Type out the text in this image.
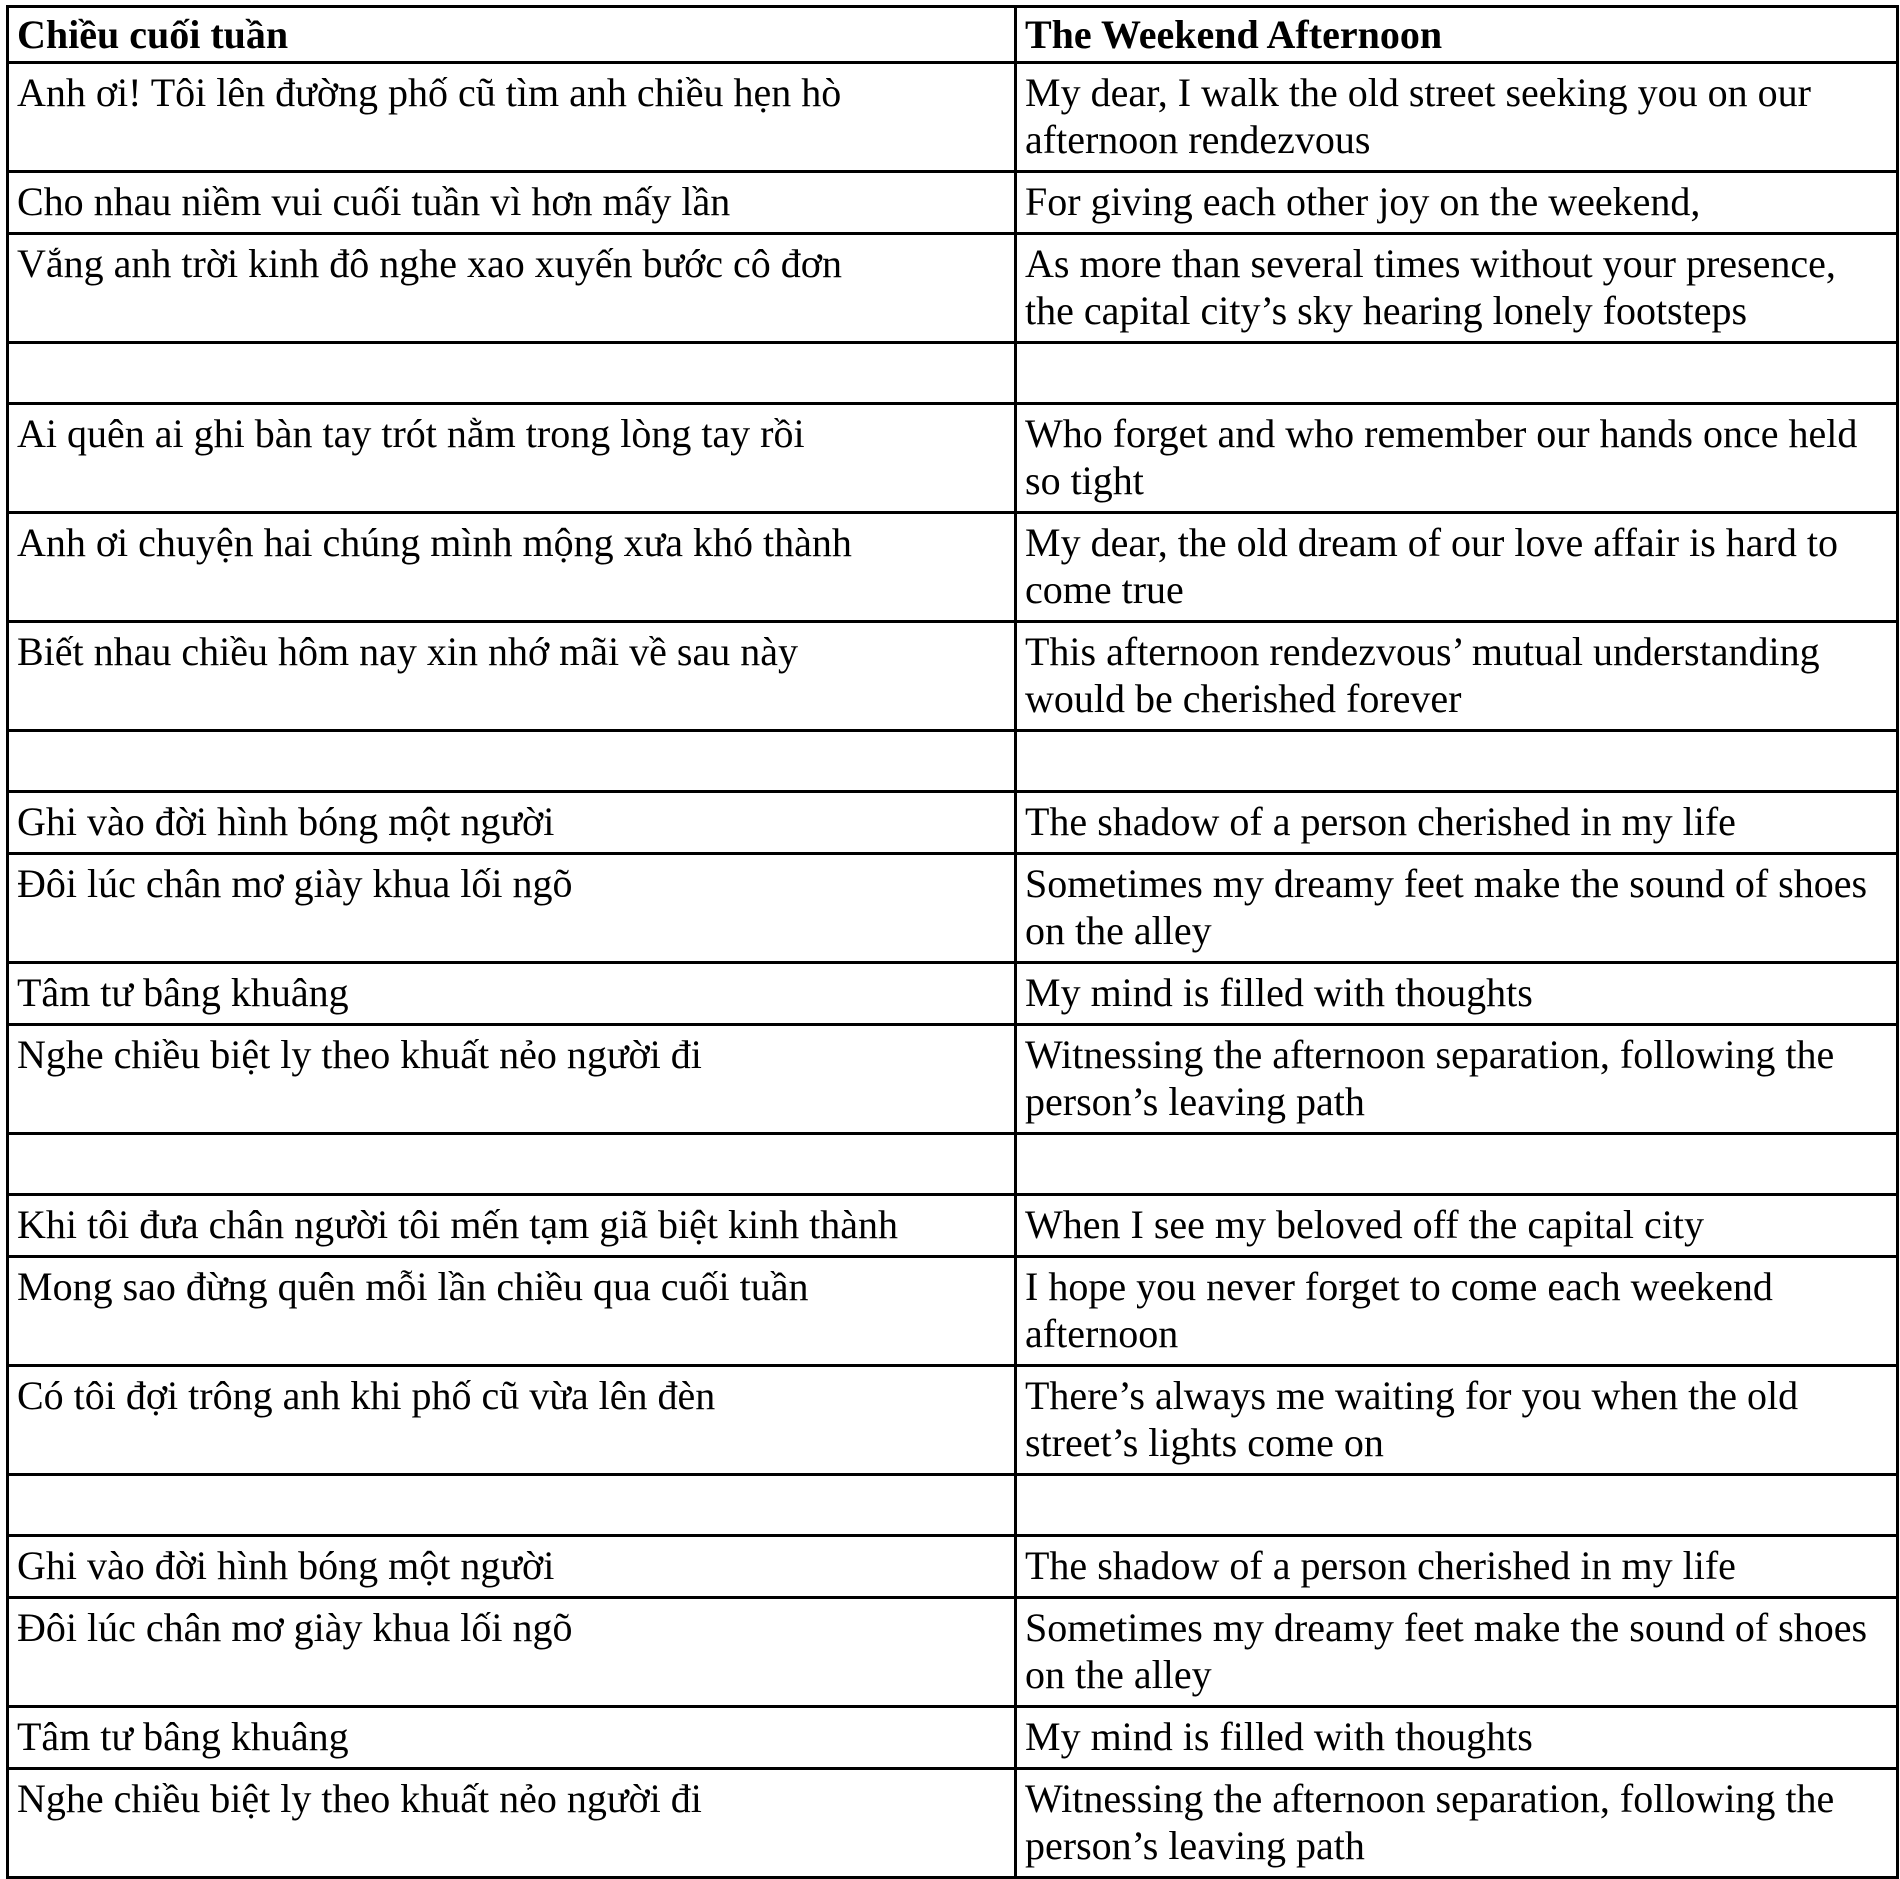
Chiều cuối tuần	The Weekend Afternoon
Anh ơi! Tôi lên đường phố cũ tìm anh chiều hẹn hò	My dear, I walk the old street seeking you on our afternoon rendezvous
Cho nhau niềm vui cuối tuần vì hơn mấy lần	For giving each other joy on the weekend,
Vắng anh trời kinh đô nghe xao xuyến bước cô đơn	As more than several times without your presence, the capital city’s sky hearing lonely footsteps

Ai quên ai ghi bàn tay trót nằm trong lòng tay rồi	Who forget and who remember our hands once held so tight
Anh ơi chuyện hai chúng mình mộng xưa khó thành	My dear, the old dream of our love affair is hard to come true
Biết nhau chiều hôm nay xin nhớ mãi về sau này	This afternoon rendezvous’ mutual understanding would be cherished forever

Ghi vào đời hình bóng một người	The shadow of a person cherished in my life
Đôi lúc chân mơ giày khua lối ngõ	Sometimes my dreamy feet make the sound of shoes on the alley
Tâm tư bâng khuâng	My mind is filled with thoughts
Nghe chiều biệt ly theo khuất nẻo người đi	Witnessing the afternoon separation, following the person’s leaving path

Khi tôi đưa chân người tôi mến tạm giã biệt kinh thành	When I see my beloved off the capital city
Mong sao đừng quên mỗi lần chiều qua cuối tuần	I hope you never forget to come each weekend afternoon
Có tôi đợi trông anh khi phố cũ vừa lên đèn	There’s always me waiting for you when the old street’s lights come on

Ghi vào đời hình bóng một người	The shadow of a person cherished in my life
Đôi lúc chân mơ giày khua lối ngõ	Sometimes my dreamy feet make the sound of shoes on the alley
Tâm tư bâng khuâng	My mind is filled with thoughts
Nghe chiều biệt ly theo khuất nẻo người đi	Witnessing the afternoon separation, following the person’s leaving path
